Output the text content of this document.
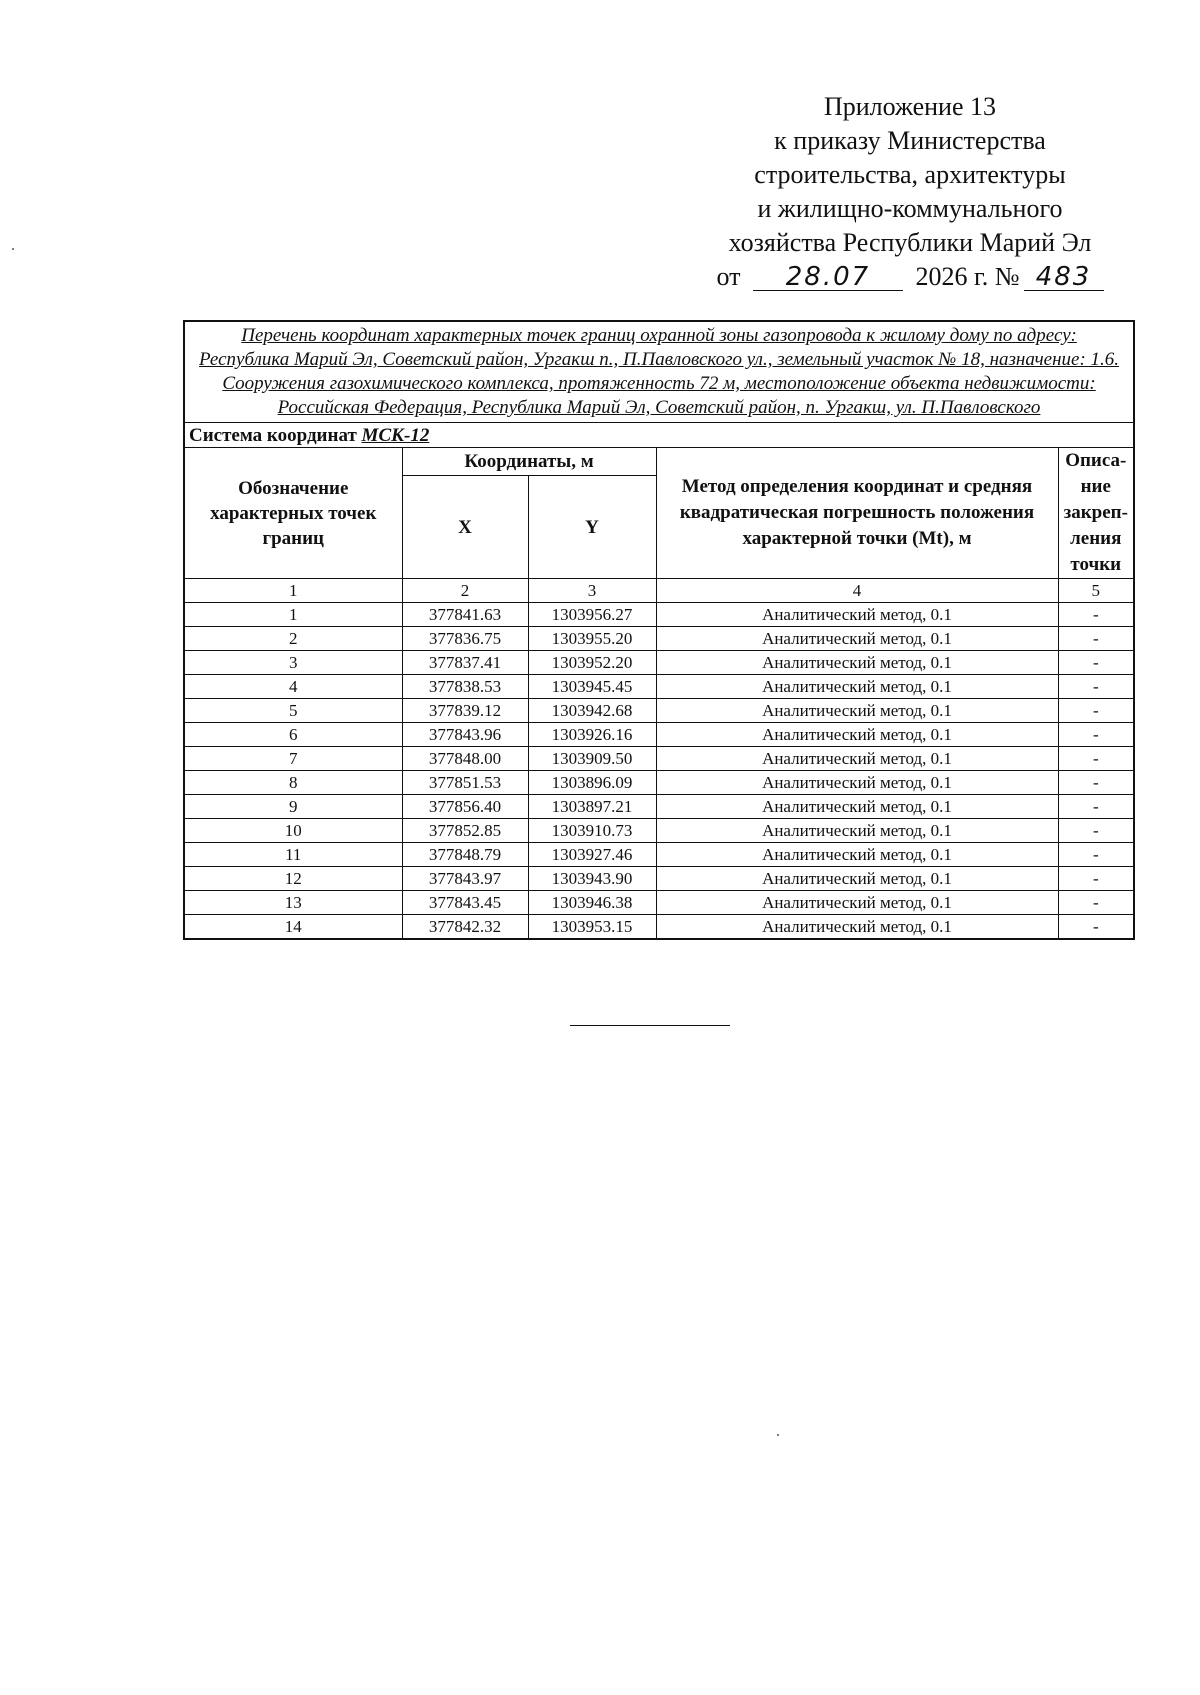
Приложение 13
к приказу Министерства
строительства, архитектуры
и жилищно-коммунального
хозяйства Республики Марий Эл
от 28.07 2026 г. № 483
Перечень координат характерных точек границ охранной зоны газопровода к жилому дому по адресу: Республика Марий Эл, Советский район, Ургакш п., П.Павловского ул., земельный участок № 18, назначение: 1.6. Сооружения газохимического комплекса, протяженность 72 м, местоположение объекта недвижимости: Российская Федерация, Республика Марий Эл, Советский район, п. Ургакш, ул. П.Павловского				
Система координат МСК-12				
Обозначение характерных точек границ	Координаты, м		Метод определения координат и средняя квадратическая погрешность положения характерной точки (Mt), м	Описа-ние закреп-ления точки
	X	Y		
1	2	3	4	5
1	377841.63	1303956.27	Аналитический метод, 0.1	-
2	377836.75	1303955.20	Аналитический метод, 0.1	-
3	377837.41	1303952.20	Аналитический метод, 0.1	-
4	377838.53	1303945.45	Аналитический метод, 0.1	-
5	377839.12	1303942.68	Аналитический метод, 0.1	-
6	377843.96	1303926.16	Аналитический метод, 0.1	-
7	377848.00	1303909.50	Аналитический метод, 0.1	-
8	377851.53	1303896.09	Аналитический метод, 0.1	-
9	377856.40	1303897.21	Аналитический метод, 0.1	-
10	377852.85	1303910.73	Аналитический метод, 0.1	-
11	377848.79	1303927.46	Аналитический метод, 0.1	-
12	377843.97	1303943.90	Аналитический метод, 0.1	-
13	377843.45	1303946.38	Аналитический метод, 0.1	-
14	377842.32	1303953.15	Аналитический метод, 0.1	-
